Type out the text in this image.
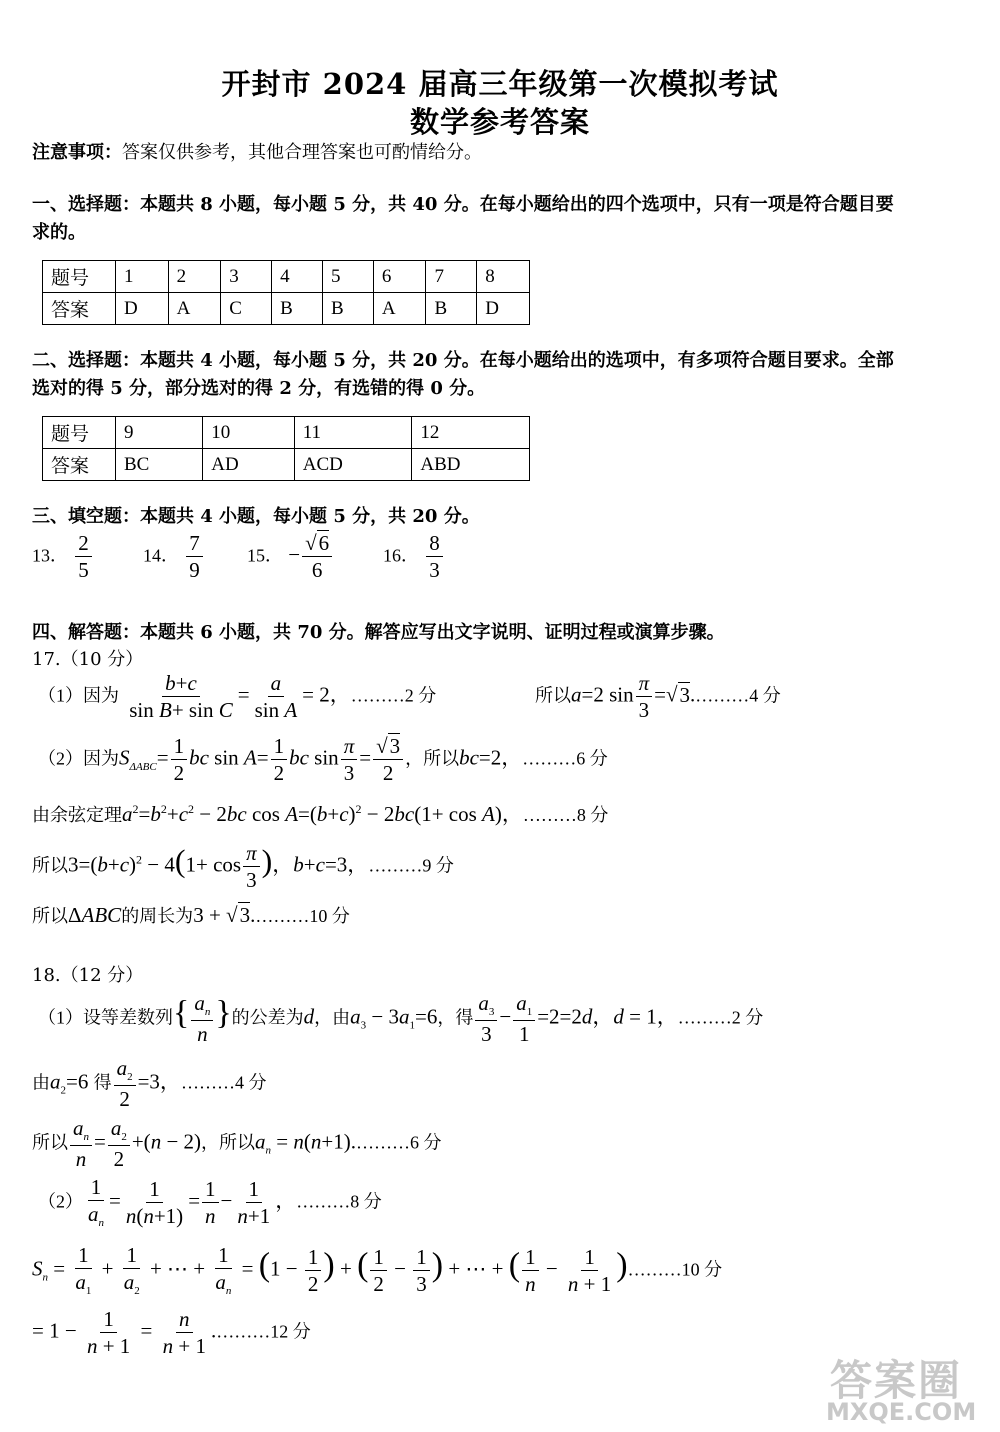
开封市 2024 届高三年级第一次模拟考试
数学参考答案
注意事项：答案仅供参考，其他合理答案也可酌情给分。
一、选择题：本题共 8 小题，每小题 5 分，共 40 分。在每小题给出的四个选项中，只有一项是符合题目要
求的。
题号	1	2	3	4	5	6	7	8
答案	D	A	C	B	B	A	B	D
二、选择题：本题共 4 小题，每小题 5 分，共 20 分。在每小题给出的选项中，有多项符合题目要求。全部
选对的得 5 分，部分选对的得 2 分，有选错的得 0 分。
题号	9	10	11	12
答案	BC	AD	ACD	ABD
三、填空题：本题共 4 小题，每小题 5 分，共 20 分。
13． $\frac{2}{5}$	14． $\frac{7}{9} 15$． − $\frac{√6}{6}$	16． $\frac{8}{3}$
四、解答题：本题共 6 小题，共 70 分。解答应写出文字说明、证明过程或演算步骤。
17.（10 分）
（1）因为 $\frac{b+c}{\text{sin B+ sin C}} = \frac{a}{\text{sin A}} = 2$，………2 分	所以a=2 $\sin \frac{\pi}{3}$ =√3.………4 分
（2）因为$S_{\Delta ABC}= \frac{1}{2}$ bc $\sin A= \frac{1}{2}$ bc $\sin \frac{\pi}{3} = \frac{√3}{2}$ ，所以bc=2，………6 分
由余弦定理$a^2=b^2+c^2 - 2bc$ $\cos A=(b+c)^2 - 2bc(1+ \cos A)$，………8 分
所以$3=(b+c)^2 - 4(1+ \cos \frac{\pi}{3}$ )，b+c=3，………9 分
所以ΔABC的周长为3 + √3.………10 分
18.（12 分）
（1）设等差数列{ $\frac{a_n}{n}$ }的公差为d，由$a_3 - 3a_1=6$，得 $\frac{a_3}{3} - \frac{a_1}{1} =2=2d$，d = 1，………2 分
由$a_2=6$ 得 $\frac{a_2}{2} =3$，………4 分
所以 $\frac{a_n}{n} = \frac{a_2}{2} +(n - 2)$，所以$a_n$ = n(n+1).………6 分
$(2) \frac{1}{a_n} = \frac{1}{n(n+1)} = \frac{1}{n} - \frac{1}{n+1}$ ，………8 分
$S_n = \frac{1}{a_1} + \frac{1}{a_2}$ + ⋯ + $\frac{1}{a_n} = (1 - \frac{1}{2}$ ) + ( $\frac{1}{2} - \frac{1}{3}$ ) + ⋯ + ( $\frac{1}{n} - \frac{1}{n + 1}$ )………10 分
= $1 - \frac{1}{n + 1} = \frac{n}{n + 1}$ .………12 分
答案圈
MXQE.COM
